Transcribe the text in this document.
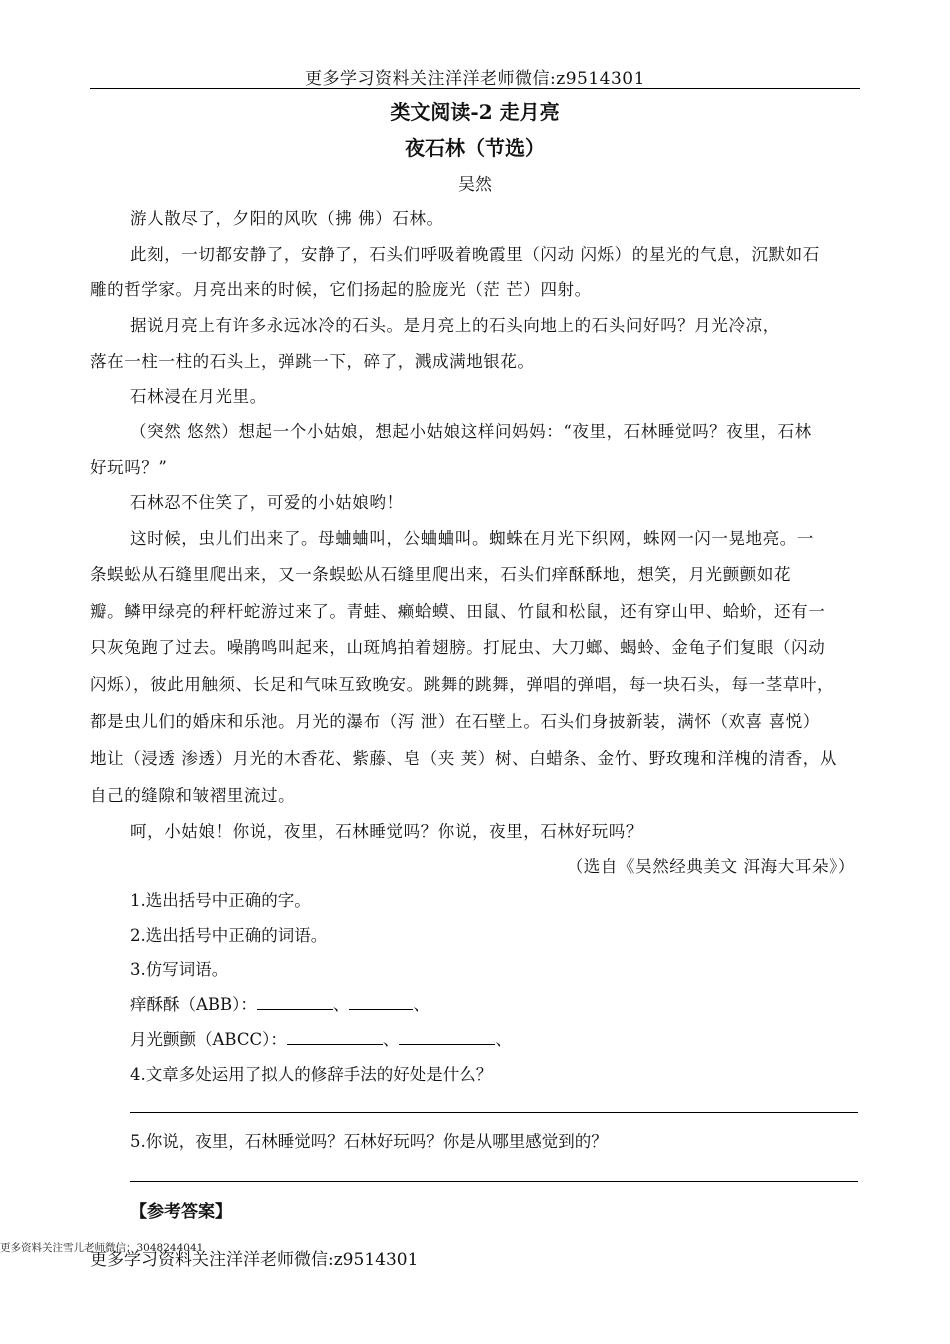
更多学习资料关注洋洋老师微信:z9514301
类文阅读-2 走月亮
夜石林（节选）
吴然
游人散尽了，夕阳的风吹（拂 佛）石林。
此刻，一切都安静了，安静了，石头们呼吸着晚霞里（闪动 闪烁）的星光的气息，沉默如石
雕的哲学家。月亮出来的时候，它们扬起的脸庞光（茫 芒）四射。
据说月亮上有许多永远冰冷的石头。是月亮上的石头向地上的石头问好吗？月光冷凉，
落在一柱一柱的石头上，弹跳一下，碎了，溅成满地银花。
石林浸在月光里。
（突然 悠然）想起一个小姑娘，想起小姑娘这样问妈妈：“夜里，石林睡觉吗？夜里，石林
好玩吗？”
石林忍不住笑了，可爱的小姑娘哟！
这时候，虫儿们出来了。母蛐蛐叫，公蛐蛐叫。蜘蛛在月光下织网，蛛网一闪一晃地亮。一
条蜈蚣从石缝里爬出来，又一条蜈蚣从石缝里爬出来，石头们痒酥酥地，想笑，月光颤颤如花
瓣。鳞甲绿亮的秤杆蛇游过来了。青蛙、癞蛤蟆、田鼠、竹鼠和松鼠，还有穿山甲、蛤蚧，还有一
只灰兔跑了过去。噪鹃鸣叫起来，山斑鸠拍着翅膀。打屁虫、大刀螂、蝎蛉、金龟子们复眼（闪动
闪烁），彼此用触须、长足和气味互致晚安。跳舞的跳舞，弹唱的弹唱，每一块石头，每一茎草叶，
都是虫儿们的婚床和乐池。月光的瀑布（泻 泄）在石壁上。石头们身披新装，满怀（欢喜 喜悦）
地让（浸透 渗透）月光的木香花、紫藤、皂（夹 荚）树、白蜡条、金竹、野玫瑰和洋槐的清香，从
自己的缝隙和皱褶里流过。
呵，小姑娘！你说，夜里，石林睡觉吗？你说，夜里，石林好玩吗？
（选自《吴然经典美文 洱海大耳朵》）
1.选出括号中正确的字。
2.选出括号中正确的词语。
3.仿写词语。
痒酥酥（ABB）：	、	、
月光颤颤（ABCC）：	、	、
4.文章多处运用了拟人的修辞手法的好处是什么？
5.你说，夜里，石林睡觉吗？石林好玩吗？你是从哪里感觉到的？
【参考答案】
更多学习资料关注洋洋老师微信:z9514301
更多资料关注雪儿老师微信：3048244041
